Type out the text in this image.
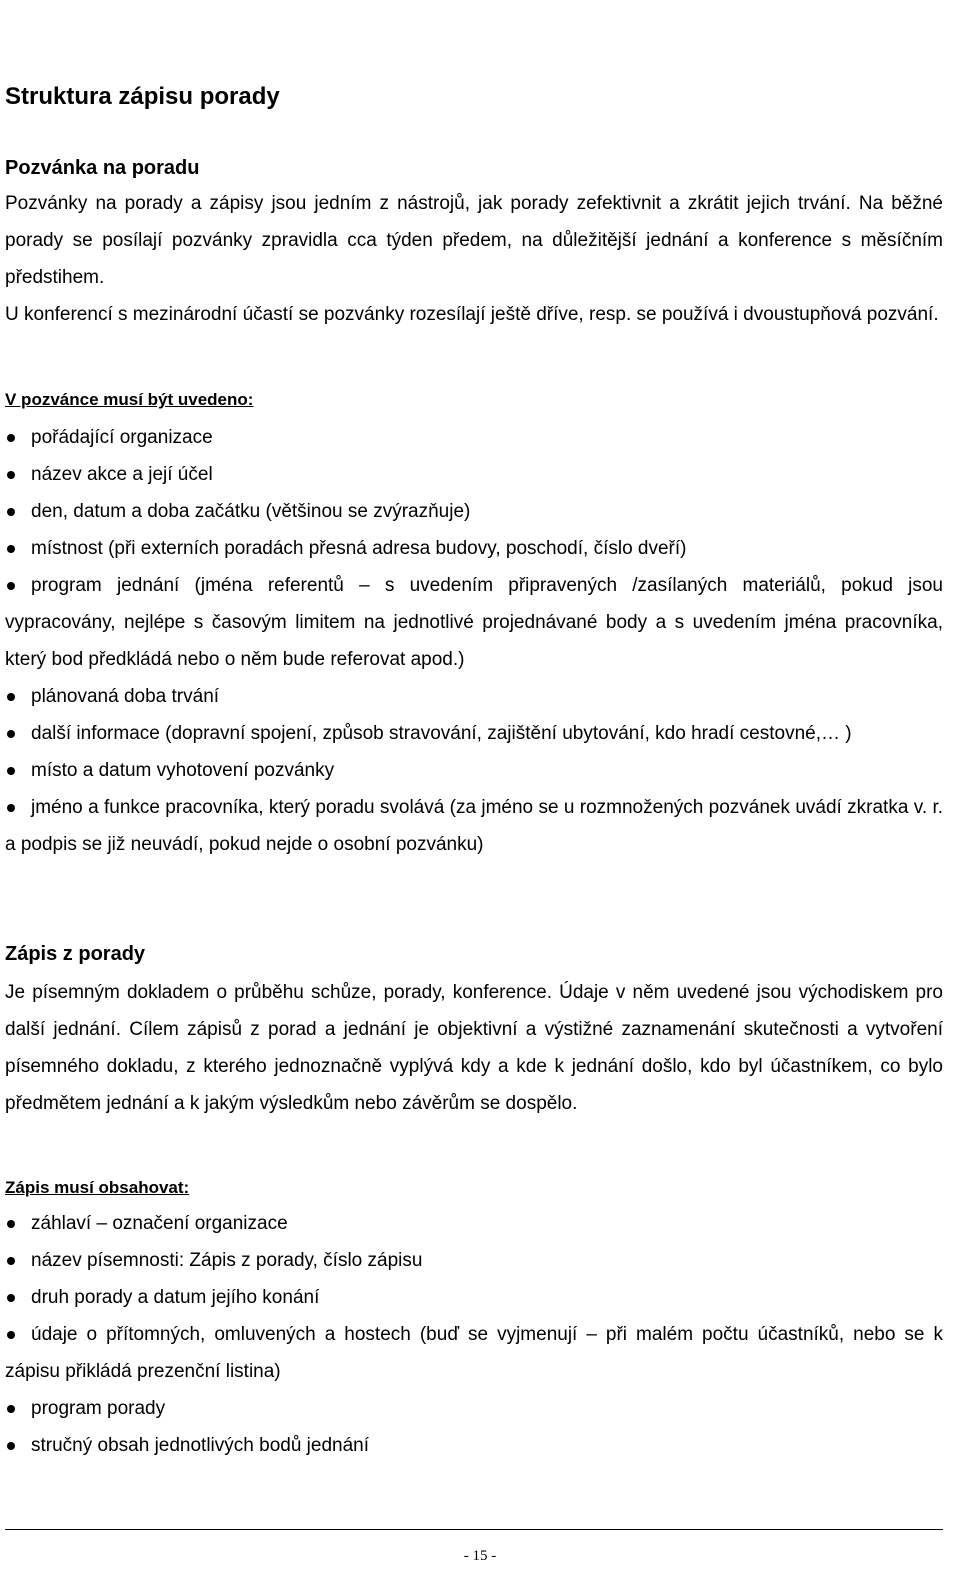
Struktura zápisu porady
Pozvánka na poradu

Pozvánky na porady a zápisy jsou jedním z nástrojů, jak porady zefektivnit a zkrátit jejich trvání. Na běžné porady se posílají pozvánky zpravidla cca týden předem, na důležitější jednání a konference s měsíčním předstihem.

U konferencí s mezinárodní účastí se pozvánky rozesílají ještě dříve, resp. se používá i dvoustupňová pozvání.

V pozvánce musí být uvedeno:
pořádající organizace
název akce a její účel
den, datum a doba začátku (většinou se zvýrazňuje)
místnost (při externích poradách přesná adresa budovy, poschodí, číslo dveří)
program jednání (jména referentů – s uvedením připravených /zasílaných materiálů, pokud jsou vypracovány, nejlépe s časovým limitem na jednotlivé projednávané body a s uvedením jména pracovníka, který bod předkládá nebo o něm bude referovat apod.)
plánovaná doba trvání
další informace (dopravní spojení, způsob stravování, zajištění ubytování, kdo hradí cestovné,… )
místo a datum vyhotovení pozvánky
jméno a funkce pracovníka, který poradu svolává (za jméno se u rozmnožených pozvánek uvádí zkratka v. r. a podpis se již neuvádí, pokud nejde o osobní pozvánku)
Zápis z porady

Je písemným dokladem o průběhu schůze, porady, konference. Údaje v něm uvedené jsou východiskem pro další jednání. Cílem zápisů z porad a jednání je objektivní a výstižné zaznamenání skutečnosti a vytvoření písemného dokladu, z kterého jednoznačně vyplývá kdy a kde k jednání došlo, kdo byl účastníkem, co bylo předmětem jednání a k jakým výsledkům nebo závěrům se dospělo.

Zápis musí obsahovat:
záhlaví – označení organizace
název písemnosti: Zápis z porady, číslo zápisu
druh porady a datum jejího konání
údaje o přítomných, omluvených a hostech (buď se vyjmenují – při malém počtu účastníků, nebo se k zápisu přikládá prezenční listina)
program porady
stručný obsah jednotlivých bodů jednání
- 15 -
